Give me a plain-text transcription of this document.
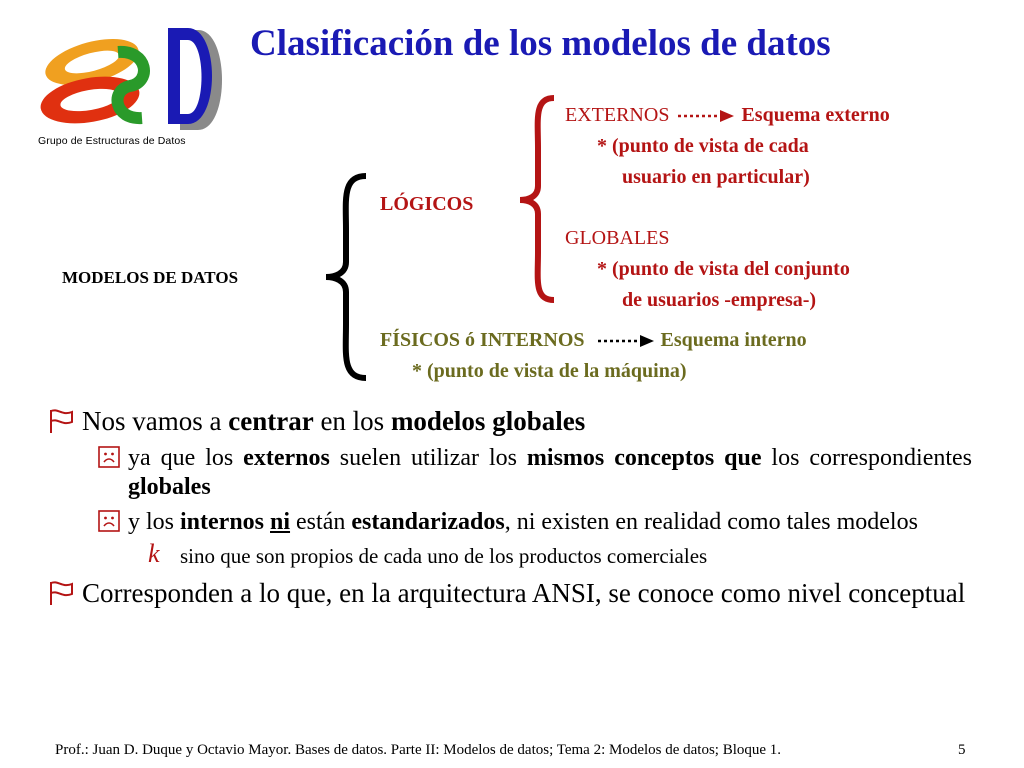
Clasificación de los modelos de datos
Grupo de Estructuras de Datos
MODELOS DE DATOS
LÓGICOS
EXTERNOS	Esquema externo
* (punto de vista de cada
usuario en particular)
GLOBALES
* (punto de vista del conjunto
de usuarios -empresa-)
FÍSICOS ó INTERNOS	Esquema interno
* (punto de vista de la máquina)
Nos vamos a centrar en los modelos globales
ya que los externos suelen utilizar los mismos conceptos que los correspondientes globales
y los internos ni están estandarizados, ni existen en realidad como tales modelos
k sino que son propios de cada uno de los productos comerciales
Corresponden a lo que, en la arquitectura ANSI, se conoce como nivel conceptual
Prof.: Juan D. Duque y Octavio Mayor. Bases de datos. Parte II: Modelos de datos; Tema 2: Modelos de datos; Bloque 1.	5
